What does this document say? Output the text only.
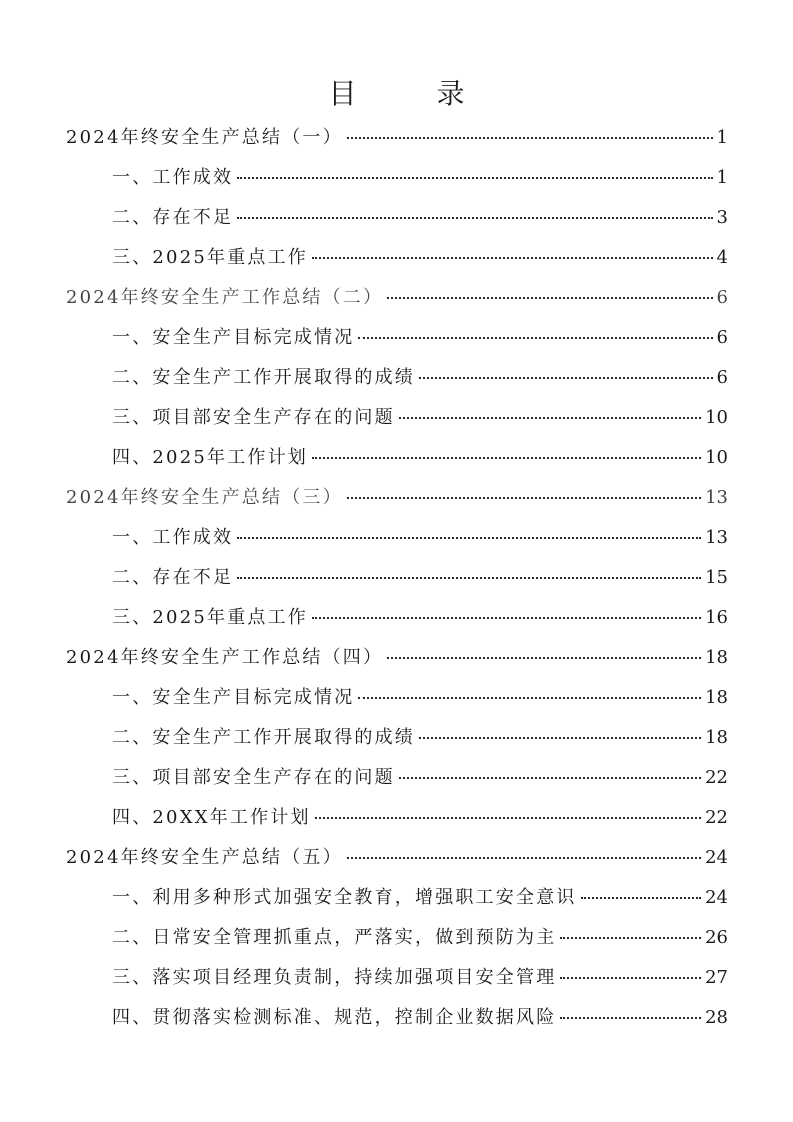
目　录
2024年终安全生产总结（一）	1
一、工作成效	1
二、存在不足	3
三、2025年重点工作	4
2024年终安全生产工作总结（二）	6
一、安全生产目标完成情况	6
二、安全生产工作开展取得的成绩	6
三、项目部安全生产存在的问题	10
四、2025年工作计划	10
2024年终安全生产总结（三）	13
一、工作成效	13
二、存在不足	15
三、2025年重点工作	16
2024年终安全生产工作总结（四）	18
一、安全生产目标完成情况	18
二、安全生产工作开展取得的成绩	18
三、项目部安全生产存在的问题	22
四、20XX年工作计划	22
2024年终安全生产总结（五）	24
一、利用多种形式加强安全教育，增强职工安全意识	24
二、日常安全管理抓重点，严落实，做到预防为主	26
三、落实项目经理负责制，持续加强项目安全管理	27
四、贯彻落实检测标准、规范，控制企业数据风险	28
